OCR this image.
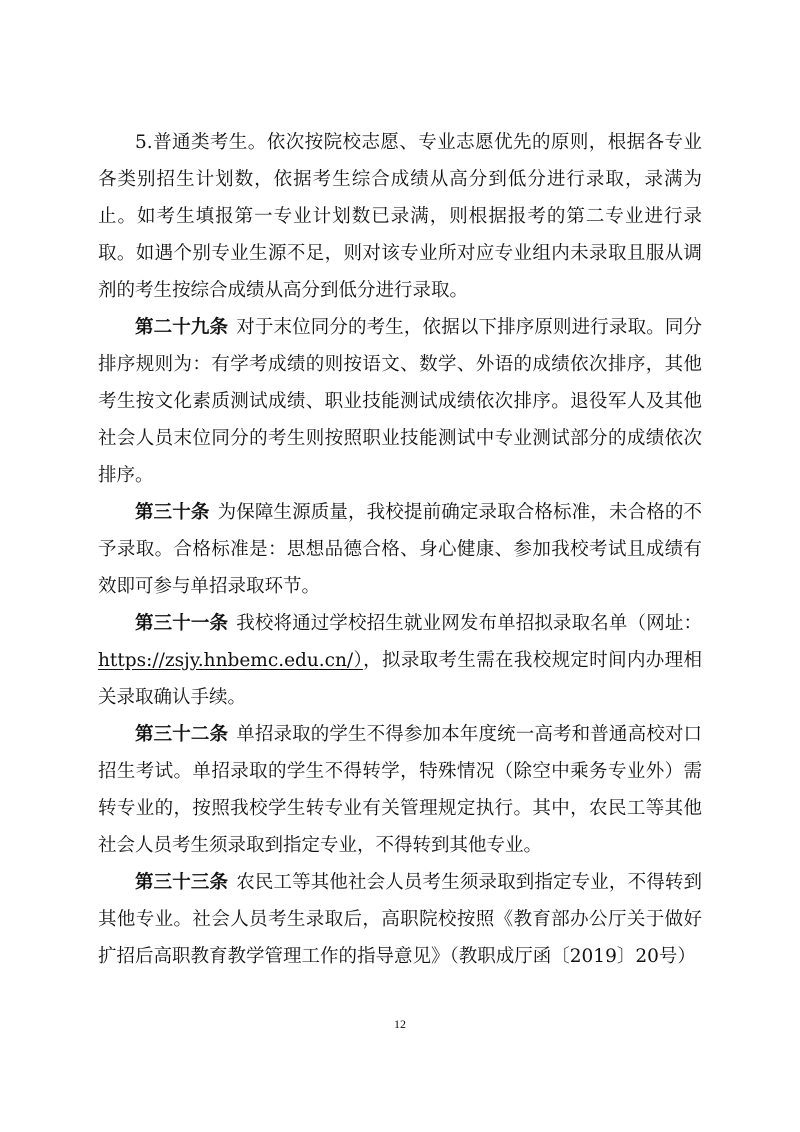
5.普通类考生。依次按院校志愿、专业志愿优先的原则，根据各专业各类别招生计划数，依据考生综合成绩从高分到低分进行录取，录满为止。如考生填报第一专业计划数已录满，则根据报考的第二专业进行录取。如遇个别专业生源不足，则对该专业所对应专业组内未录取且服从调剂的考生按综合成绩从高分到低分进行录取。

第二十九条 对于末位同分的考生，依据以下排序原则进行录取。同分排序规则为：有学考成绩的则按语文、数学、外语的成绩依次排序，其他考生按文化素质测试成绩、职业技能测试成绩依次排序。退役军人及其他社会人员末位同分的考生则按照职业技能测试中专业测试部分的成绩依次排序。

第三十条 为保障生源质量，我校提前确定录取合格标准，未合格的不予录取。合格标准是：思想品德合格、身心健康、参加我校考试且成绩有效即可参与单招录取环节。

第三十一条 我校将通过学校招生就业网发布单招拟录取名单（网址：https://zsjy.hnbemc.edu.cn/），拟录取考生需在我校规定时间内办理相关录取确认手续。

第三十二条 单招录取的学生不得参加本年度统一高考和普通高校对口招生考试。单招录取的学生不得转学，特殊情况（除空中乘务专业外）需转专业的，按照我校学生转专业有关管理规定执行。其中，农民工等其他社会人员考生须录取到指定专业，不得转到其他专业。

第三十三条 农民工等其他社会人员考生须录取到指定专业，不得转到其他专业。社会人员考生录取后，高职院校按照《教育部办公厅关于做好扩招后高职教育教学管理工作的指导意见》（教职成厅函〔2019〕20号）

12
